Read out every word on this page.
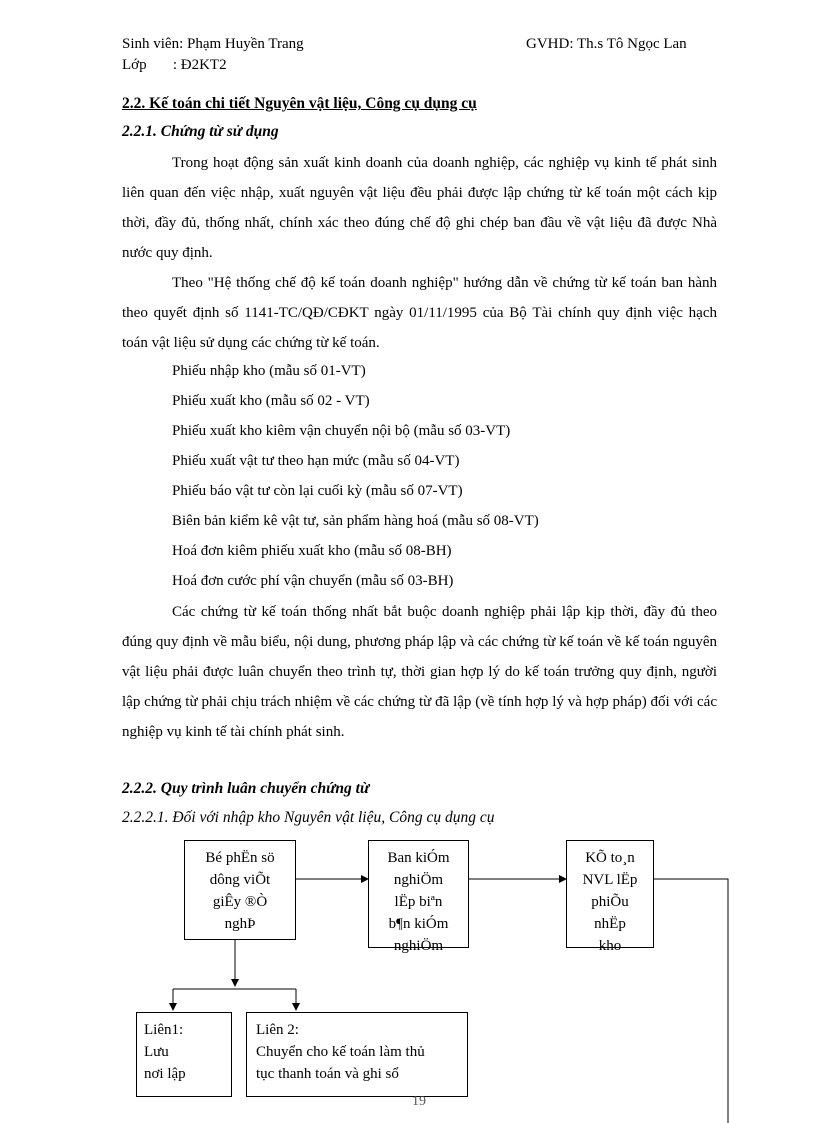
Sinh viên: Phạm Huyền Trang
Lớp       : Đ2KT2
GVHD: Th.s Tô Ngọc Lan
2.2. Kế toán chi tiết Nguyên vật liệu, Công cụ dụng cụ
2.2.1. Chứng từ sử dụng
Trong hoạt động sản xuất kinh doanh của doanh nghiệp, các nghiệp vụ kinh tế phát sinh liên quan đến việc nhập, xuất nguyên vật liệu đều phải được lập chứng từ kế toán một cách kịp thời, đầy đủ, thống nhất, chính xác theo đúng chế độ ghi chép ban đầu về vật liệu đã được Nhà nước quy định.
Theo "Hệ thống chế độ kế toán doanh nghiệp" hướng dẫn về chứng từ kế toán ban hành theo quyết định số 1141-TC/QĐ/CĐKT ngày 01/11/1995 của Bộ Tài chính quy định việc hạch toán vật liệu sử dụng các chứng từ kế toán.
Phiếu nhập kho (mẫu số 01-VT)
Phiếu xuất kho (mẫu số 02 - VT)
Phiếu xuất kho kiêm vận chuyển nội bộ (mẫu số 03-VT)
Phiếu xuất vật tư theo hạn mức (mẫu số 04-VT)
Phiếu báo vật tư còn lại cuối kỳ (mẫu số 07-VT)
Biên bản kiểm kê vật tư, sản phẩm hàng hoá (mẫu số 08-VT)
Hoá đơn kiêm phiếu xuất kho (mẫu số 08-BH)
Hoá đơn cước phí vận chuyển (mẫu số 03-BH)
Các chứng từ kế toán thống nhất bắt buộc doanh nghiệp phải lập kịp thời, đầy đủ theo đúng quy định về mẫu biểu, nội dung, phương pháp lập và các chứng từ kế toán về kế toán nguyên vật liệu phải được luân chuyển theo trình tự, thời gian hợp lý do kế toán trưởng quy định, người lập chứng từ phải chịu trách nhiệm về các chứng từ đã lập (về tính hợp lý và hợp pháp) đối với các nghiệp vụ kinh tế tài chính phát sinh.
2.2.2. Quy trình luân chuyển chứng từ
2.2.2.1. Đối với nhập kho Nguyên vật liệu, Công cụ dụng cụ
Bé phËn sö
dông viÕt
giÊy ®Ò
nghÞ
Ban kiÓm
nghiÖm
lËp biªn
b¶n kiÓm
nghiÖm
KÕ to¸n
NVL lËp
phiÕu
nhËp
kho
Liên1:
Lưu
nơi lập
Liên 2:
Chuyển cho kế toán làm thủ
tục thanh toán và ghi sổ
19
